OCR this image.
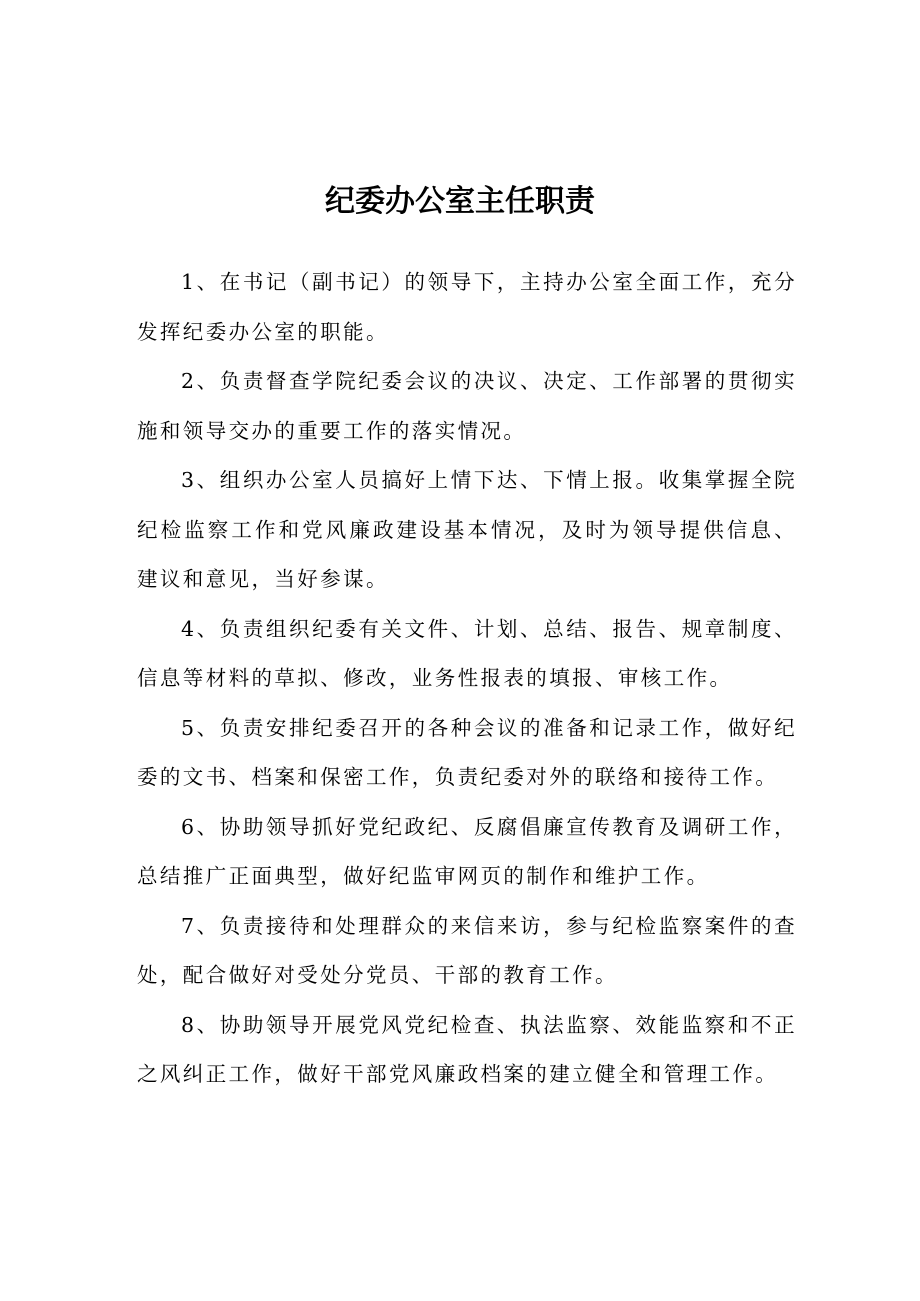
纪委办公室主任职责

1、在书记（副书记）的领导下，主持办公室全面工作，充分发挥纪委办公室的职能。

2、负责督查学院纪委会议的决议、决定、工作部署的贯彻实施和领导交办的重要工作的落实情况。

3、组织办公室人员搞好上情下达、下情上报。收集掌握全院纪检监察工作和党风廉政建设基本情况，及时为领导提供信息、建议和意见，当好参谋。

4、负责组织纪委有关文件、计划、总结、报告、规章制度、信息等材料的草拟、修改，业务性报表的填报、审核工作。

5、负责安排纪委召开的各种会议的准备和记录工作，做好纪委的文书、档案和保密工作，负责纪委对外的联络和接待工作。

6、协助领导抓好党纪政纪、反腐倡廉宣传教育及调研工作，总结推广正面典型，做好纪监审网页的制作和维护工作。

7、负责接待和处理群众的来信来访，参与纪检监察案件的查处，配合做好对受处分党员、干部的教育工作。

8、协助领导开展党风党纪检查、执法监察、效能监察和不正之风纠正工作，做好干部党风廉政档案的建立健全和管理工作。
